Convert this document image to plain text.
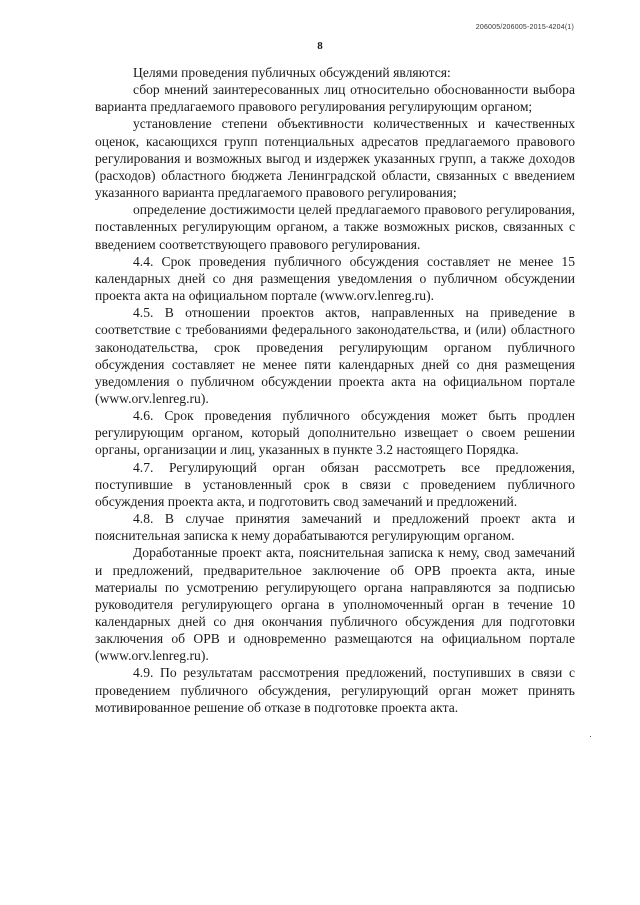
206005/206005-2015-4204(1)
8

Целями проведения публичных обсуждений являются:

сбор мнений заинтересованных лиц относительно обоснованности выбора варианта предлагаемого правового регулирования регулирующим органом;

установление степени объективности количественных и качественных оценок, касающихся групп потенциальных адресатов предлагаемого правового регулирования и возможных выгод и издержек указанных групп, а также доходов (расходов) областного бюджета Ленинградской области, связанных с введением указанного варианта предлагаемого правового регулирования;

определение достижимости целей предлагаемого правового регулирования, поставленных регулирующим органом, а также возможных рисков, связанных с введением соответствующего правового регулирования.

4.4. Срок проведения публичного обсуждения составляет не менее 15 календарных дней со дня размещения уведомления о публичном обсуждении проекта акта на официальном портале (www.orv.lenreg.ru).

4.5. В отношении проектов актов, направленных на приведение в соответствие с требованиями федерального законодательства, и (или) областного законодательства, срок проведения регулирующим органом публичного обсуждения составляет не менее пяти календарных дней со дня размещения уведомления о публичном обсуждении проекта акта на официальном портале (www.orv.lenreg.ru).

4.6. Срок проведения публичного обсуждения может быть продлен регулирующим органом, который дополнительно извещает о своем решении органы, организации и лиц, указанных в пункте 3.2 настоящего Порядка.

4.7. Регулирующий орган обязан рассмотреть все предложения, поступившие в установленный срок в связи с проведением публичного обсуждения проекта акта, и подготовить свод замечаний и предложений.

4.8. В случае принятия замечаний и предложений проект акта и пояснительная записка к нему дорабатываются регулирующим органом.

Доработанные проект акта, пояснительная записка к нему, свод замечаний и предложений, предварительное заключение об ОРВ проекта акта, иные материалы по усмотрению регулирующего органа направляются за подписью руководителя регулирующего органа в уполномоченный орган в течение 10 календарных дней со дня окончания публичного обсуждения для подготовки заключения об ОРВ и одновременно размещаются на официальном портале (www.orv.lenreg.ru).

4.9. По результатам рассмотрения предложений, поступивших в связи с проведением публичного обсуждения, регулирующий орган может принять мотивированное решение об отказе в подготовке проекта акта.
